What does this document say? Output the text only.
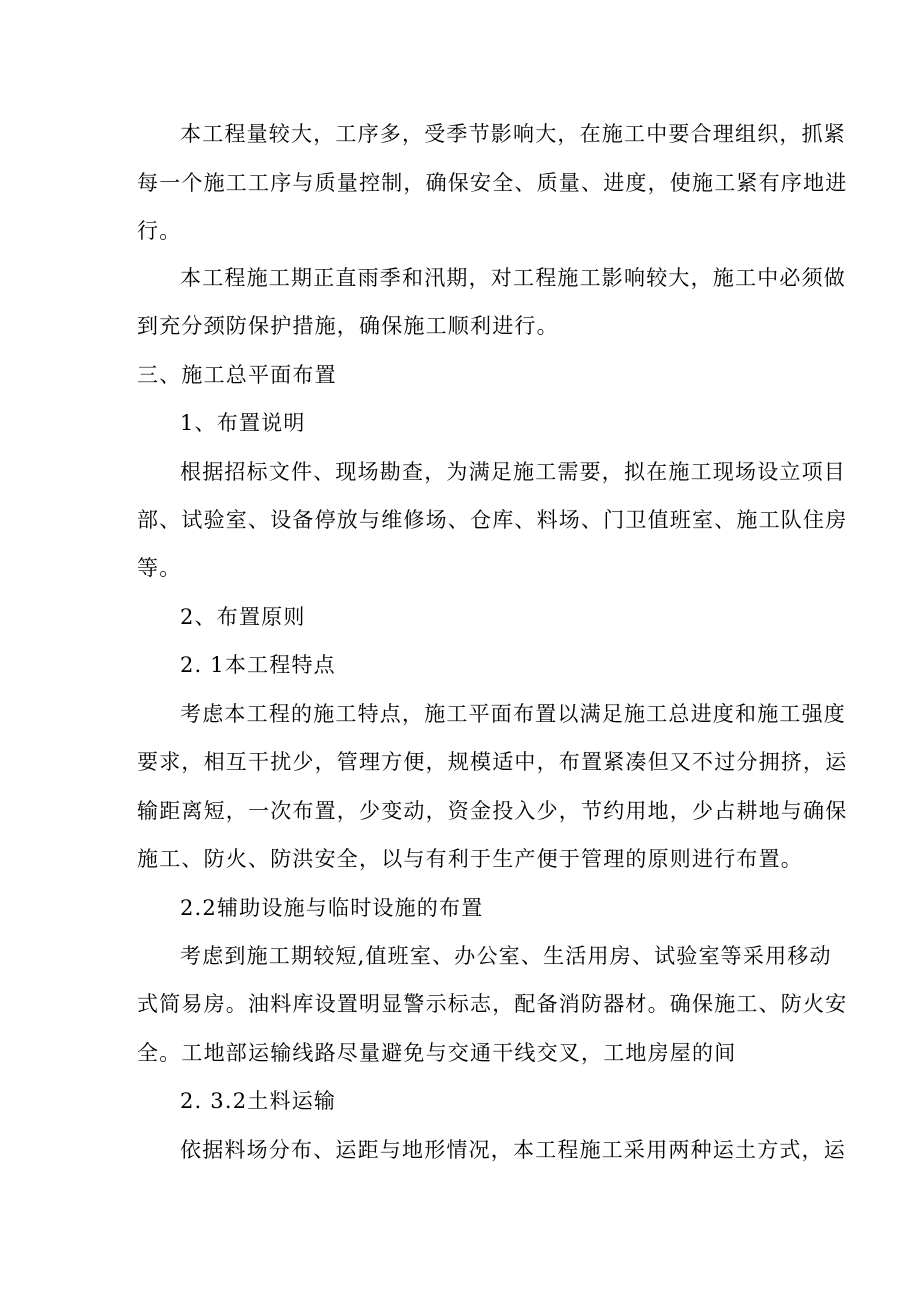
本工程量较大，工序多，受季节影响大，在施工中要合理组织，抓紧
每一个施工工序与质量控制，确保安全、质量、进度，使施工紧有序地进
行。
本工程施工期正直雨季和汛期，对工程施工影响较大，施工中必须做
到充分颈防保护措施，确保施工顺利进行。
三、施工总平面布置
1、布置说明
根据招标文件、现场勘查，为满足施工需要，拟在施工现场设立项目
部、试验室、设备停放与维修场、仓库、料场、门卫值班室、施工队住房
等。
2、布置原则
2. 1本工程特点
考虑本工程的施工特点，施工平面布置以满足施工总进度和施工强度
要求，相互干扰少，管理方便，规模适中，布置紧凑但又不过分拥挤，运
输距离短，一次布置，少变动，资金投入少，节约用地，少占耕地与确保
施工、防火、防洪安全，以与有利于生产便于管理的原则进行布置。
2.2辅助设施与临时设施的布置
考虑到施工期较短,值班室、办公室、生活用房、试验室等采用移动
式简易房。油料库设置明显警示标志，配备消防器材。确保施工、防火安
全。工地部运输线路尽量避免与交通干线交叉，工地房屋的间
2. 3.2土料运输
依据料场分布、运距与地形情况，本工程施工采用两种运土方式，运
